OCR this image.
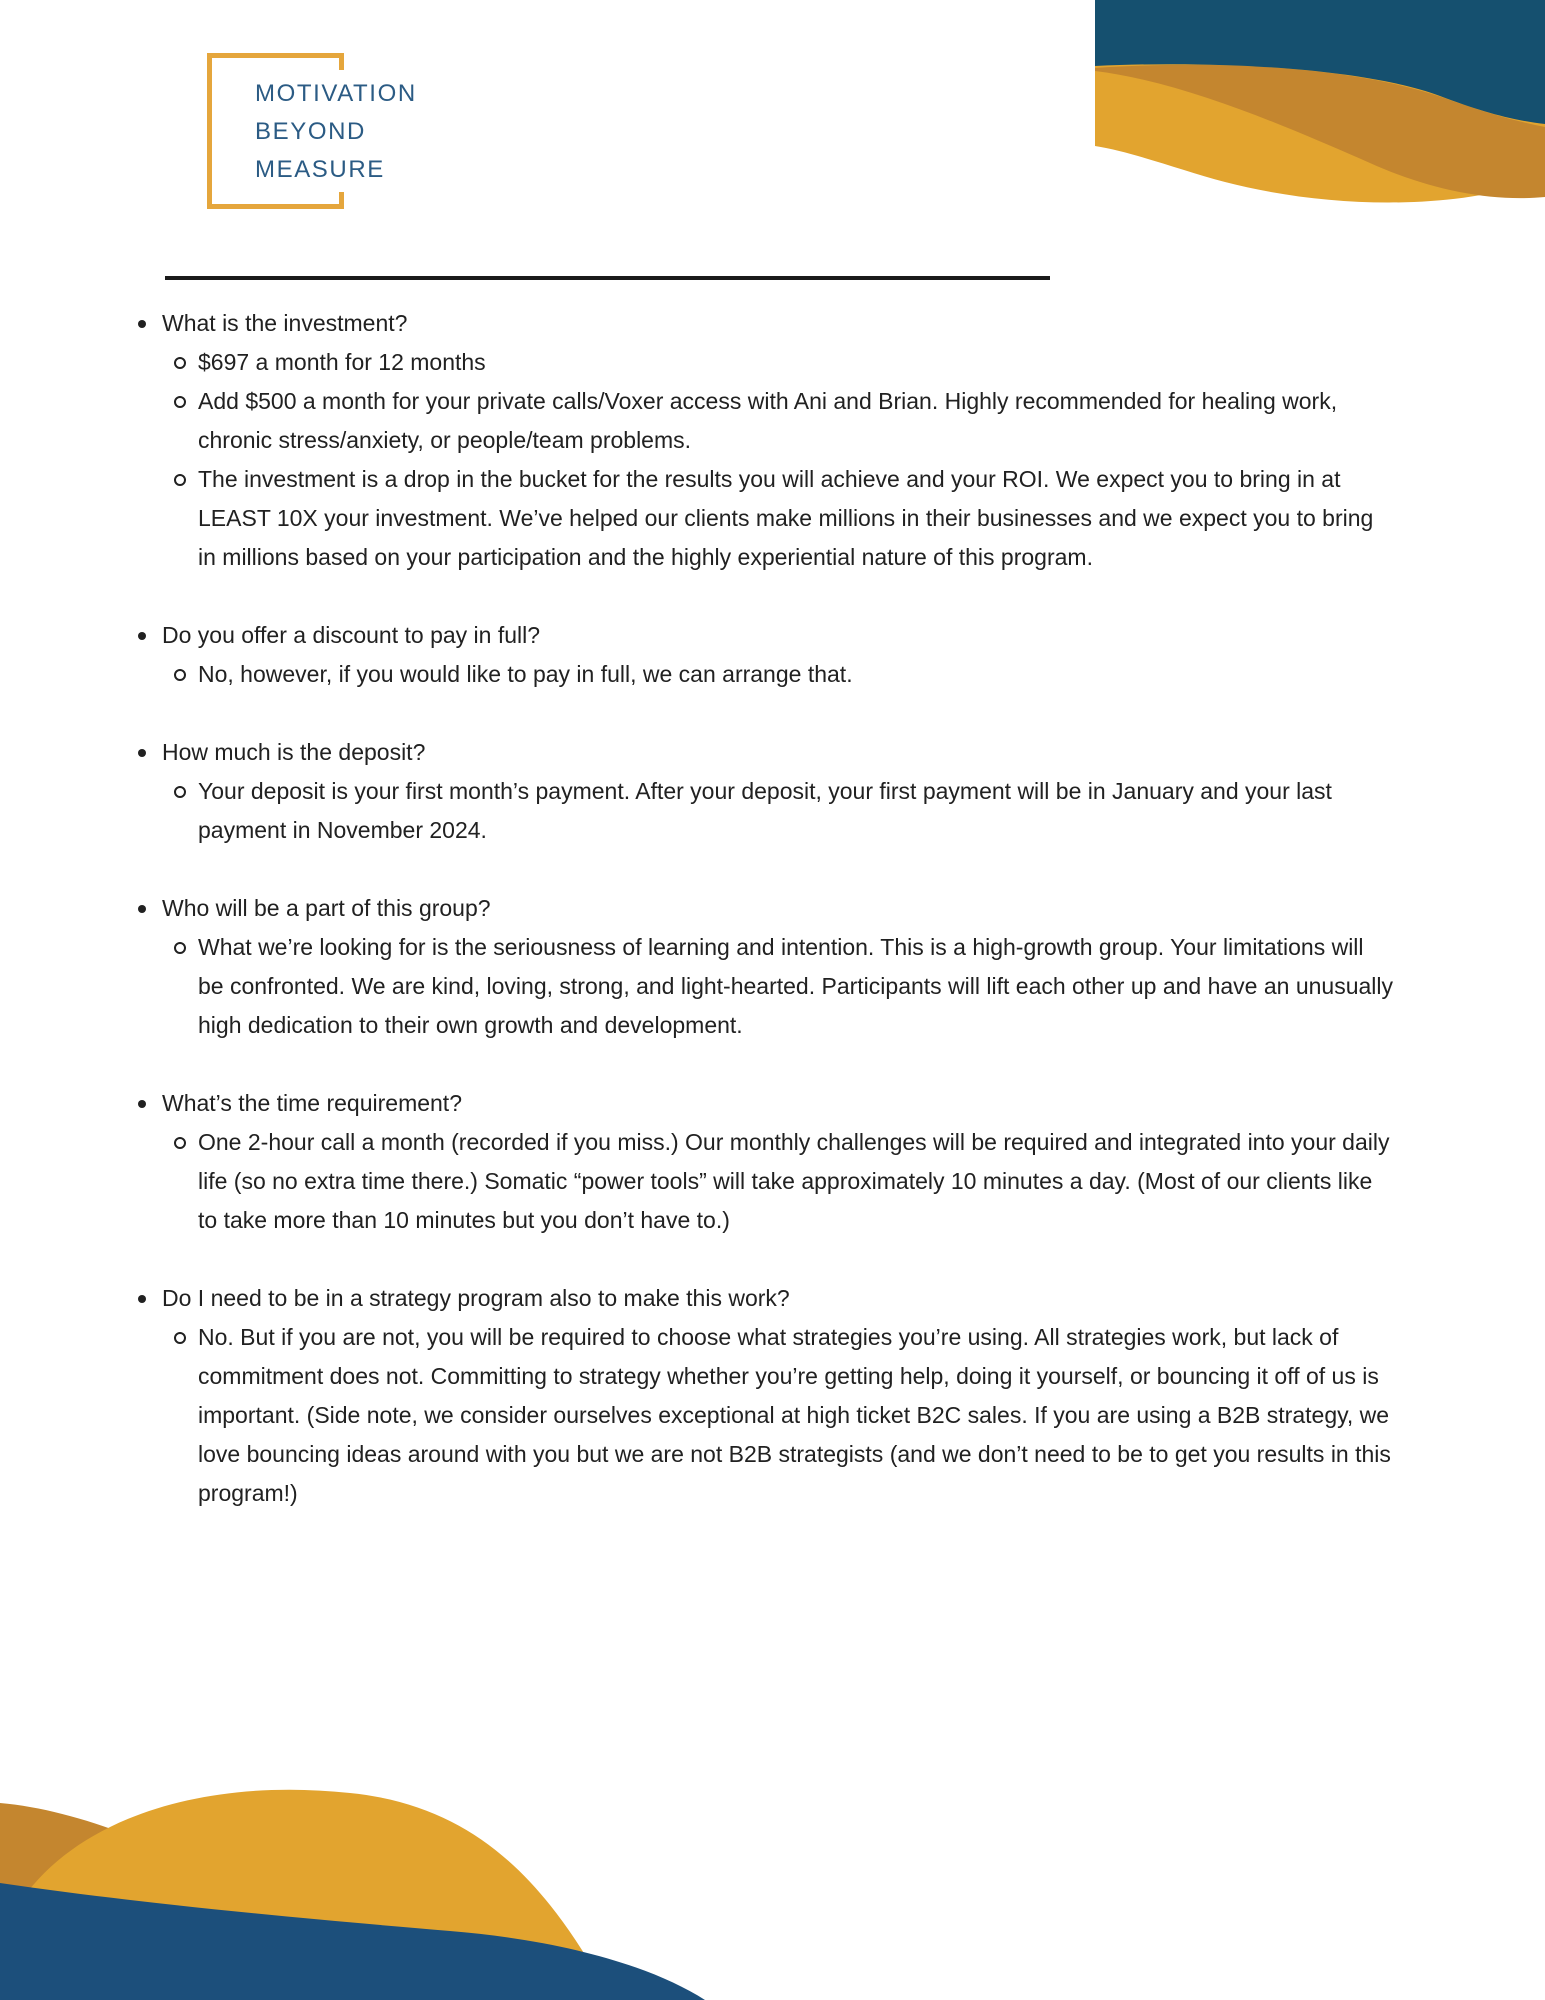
MOTIVATION
BEYOND
MEASURE
What is the investment?
$697 a month for 12 months
Add $500 a month for your private calls/Voxer access with Ani and Brian. Highly recommended for healing work, chronic stress/anxiety, or people/team problems.
The investment is a drop in the bucket for the results you will achieve and your ROI. We expect you to bring in at LEAST 10X your investment. We’ve helped our clients make millions in their businesses and we expect you to bring in millions based on your participation and the highly experiential nature of this program.
Do you offer a discount to pay in full?
No, however, if you would like to pay in full, we can arrange that.
How much is the deposit?
Your deposit is your first month’s payment. After your deposit, your first payment will be in January and your last payment in November 2024.
Who will be a part of this group?
What we’re looking for is the seriousness of learning and intention. This is a high-growth group. Your limitations will be confronted. We are kind, loving, strong, and light-hearted. Participants will lift each other up and have an unusually high dedication to their own growth and development.
What’s the time requirement?
One 2-hour call a month (recorded if you miss.) Our monthly challenges will be required and integrated into your daily life (so no extra time there.) Somatic “power tools” will take approximately 10 minutes a day. (Most of our clients like to take more than 10 minutes but you don’t have to.)
Do I need to be in a strategy program also to make this work?
No. But if you are not, you will be required to choose what strategies you’re using. All strategies work, but lack of commitment does not. Committing to strategy whether you’re getting help, doing it yourself, or bouncing it off of us is important. (Side note, we consider ourselves exceptional at high ticket B2C sales. If you are using a B2B strategy, we love bouncing ideas around with you but we are not B2B strategists (and we don’t need to be to get you results in this program!)
